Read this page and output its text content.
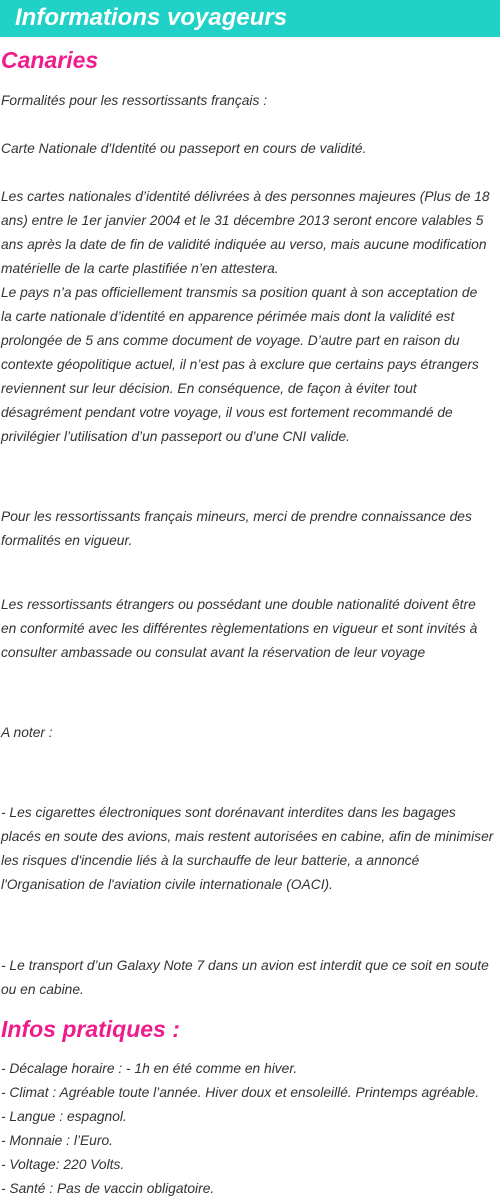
Informations voyageurs
Canaries

Formalités pour les ressortissants français :

Carte Nationale d'Identité ou passeport en cours de validité.

Les cartes nationales d’identité délivrées à des personnes majeures (Plus de 18
ans) entre le 1er janvier 2004 et le 31 décembre 2013 seront encore valables 5
ans après la date de fin de validité indiquée au verso, mais aucune modification
matérielle de la carte plastifiée n’en attestera.
Le pays n’a pas officiellement transmis sa position quant à son acceptation de
la carte nationale d’identité en apparence périmée mais dont la validité est
prolongée de 5 ans comme document de voyage. D’autre part en raison du
contexte géopolitique actuel, il n’est pas à exclure que certains pays étrangers
reviennent sur leur décision. En conséquence, de façon à éviter tout
désagrément pendant votre voyage, il vous est fortement recommandé de
privilégier l’utilisation d’un passeport ou d’une CNI valide.
Pour les ressortissants français mineurs, merci de prendre connaissance des
formalités en vigueur.
Les ressortissants étrangers ou possédant une double nationalité doivent être
en conformité avec les différentes règlementations en vigueur et sont invités à
consulter ambassade ou consulat avant la réservation de leur voyage

A noter :

- Les cigarettes électroniques sont dorénavant interdites dans les bagages
placés en soute des avions, mais restent autorisées en cabine, afin de minimiser
les risques d'incendie liés à la surchauffe de leur batterie, a annoncé
l'Organisation de l'aviation civile internationale (OACI).
- Le transport d’un Galaxy Note 7 dans un avion est interdit que ce soit en soute
ou en cabine.
Infos pratiques :
- Décalage horaire : - 1h en été comme en hiver.
- Climat : Agréable toute l’année. Hiver doux et ensoleillé. Printemps agréable.
- Langue : espagnol.
- Monnaie : l’Euro.
- Voltage: 220 Volts.
- Santé : Pas de vaccin obligatoire.
